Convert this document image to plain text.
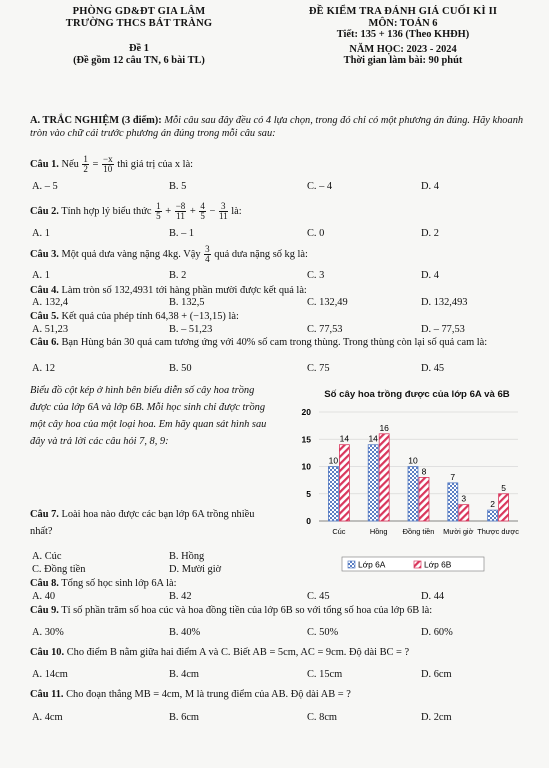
PHÒNG GD&ĐT GIA LÂM
TRƯỜNG THCS BÁT TRÀNG
Đề 1
(Đề gồm 12 câu TN, 6 bài TL)
ĐỀ KIỂM TRA ĐÁNH GIÁ CUỐI KÌ II
MÔN: TOÁN 6
Tiết: 135 + 136 (Theo KHĐH)
NĂM HỌC: 2023 - 2024
Thời gian làm bài: 90 phút
A. TRẮC NGHIỆM (3 điểm): Mỗi câu sau đây đều có 4 lựa chọn, trong đó chỉ có một phương án đúng. Hãy khoanh tròn vào chữ cái trước phương án đúng trong mỗi câu sau:
Câu 1. Nếu $\frac{1}{2} = \frac{-x}{10}$ thì giá trị của x là:
A. – 5	B. 5	C. – 4	D. 4
Câu 2. Tính hợp lý biểu thức $\frac{1}{5} + \frac{-8}{11} + \frac{4}{5} - \frac{3}{11}$ là:
A. 1	B. – 1	C. 0	D. 2
Câu 3. Một quả dưa vàng nặng 4kg. Vậy $\frac{3}{4}$ quả dưa nặng số kg là:
A. 1	B. 2	C. 3	D. 4
Câu 4. Làm tròn số 132,4931 tới hàng phần mười được kết quả là:
A. 132,4	B. 132,5	C. 132,49	D. 132,493
Câu 5. Kết quả của phép tính 64,38 + (−13,15) là:
A. 51,23	B. – 51,23	C. 77,53	D. – 77,53
Câu 6. Bạn Hùng bán 30 quả cam tương ứng với 40% số cam trong thùng. Trong thùng còn lại số quả cam là:
A. 12	B. 50	C. 75	D. 45
Biểu đồ cột kép ở hình bên biểu diễn số cây hoa trồng được của lớp 6A và lớp 6B. Mỗi học sinh chỉ được trồng một cây hoa của một loại hoa. Em hãy quan sát hình sau đây và trả lời các câu hỏi 7, 8, 9:
Câu 7. Loài hoa nào được các bạn lớp 6A trồng nhiều nhất?
A. Cúc	B. Hồng
C. Đồng tiền	D. Mười giờ
Số cây hoa trồng được của lớp 6A và 6B
0
5
10
15
20
10
14
Cúc
14
16
Hồng
10
8
Đồng tiền
7
3
Mười giờ
2
5
Thược dược
Lớp 6A	Lớp 6B
Câu 8. Tổng số học sinh lớp 6A là:
A. 40	B. 42	C. 45	D. 44
Câu 9. Tỉ số phần trăm số hoa cúc và hoa đồng tiền của lớp 6B so với tổng số hoa của lớp 6B là:
A. 30%	B. 40%	C. 50%	D. 60%
Câu 10. Cho điểm B nằm giữa hai điểm A và C. Biết AB = 5cm, AC = 9cm. Độ dài BC = ?
A. 14cm	B. 4cm	C. 15cm	D. 6cm
Câu 11. Cho đoạn thẳng MB = 4cm, M là trung điểm của AB. Độ dài AB = ?
A. 4cm	B. 6cm	C. 8cm	D. 2cm
